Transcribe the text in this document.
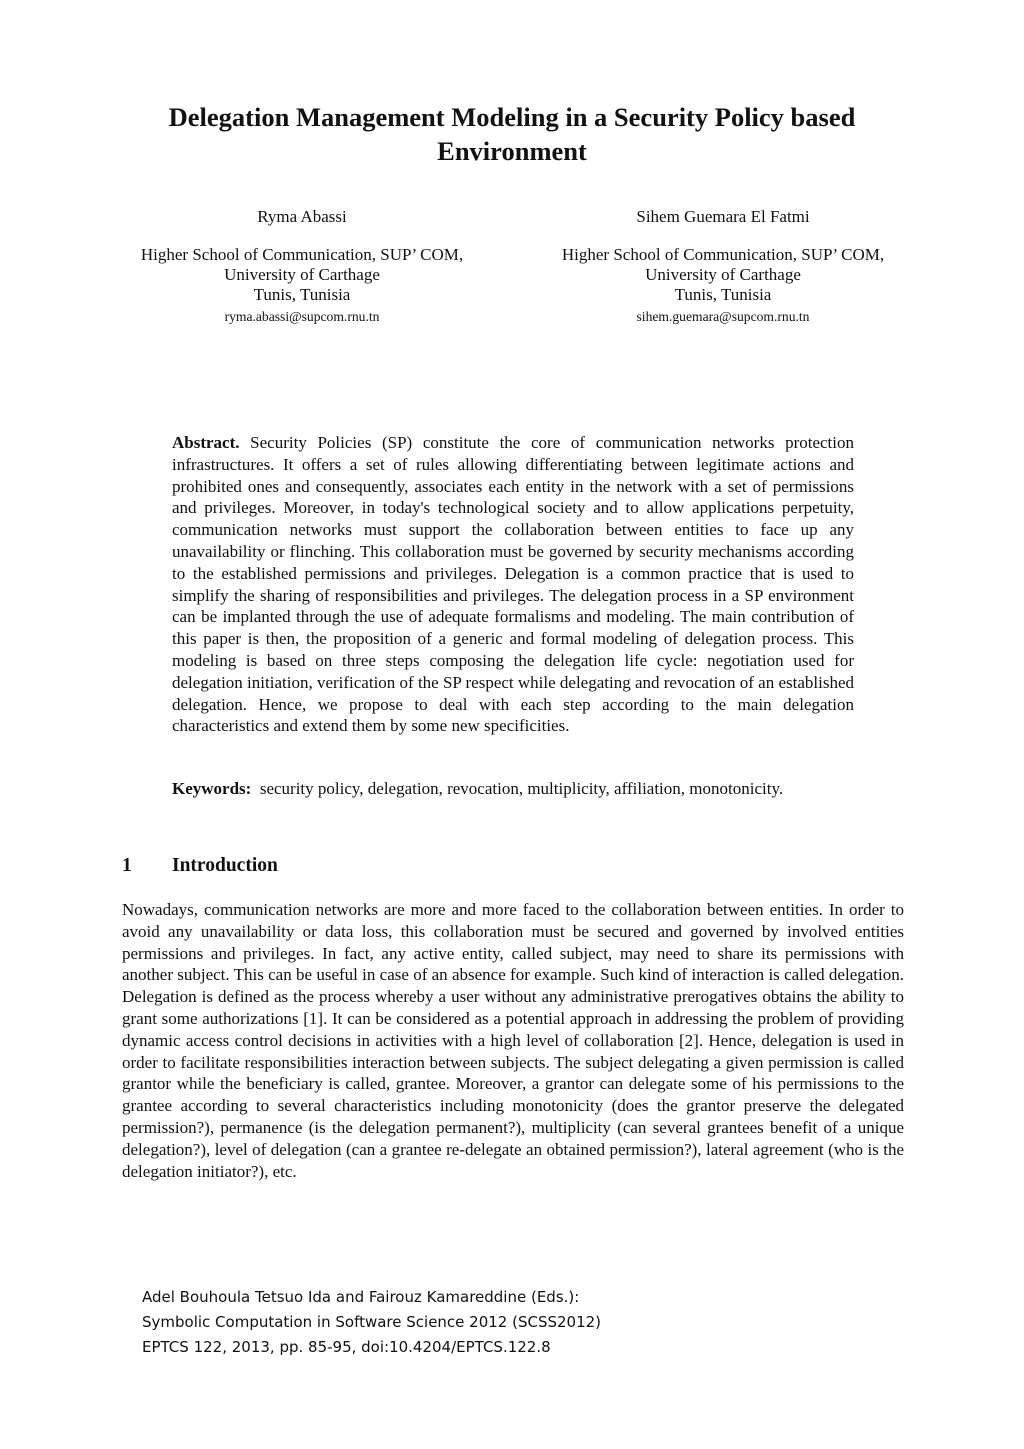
Delegation Management Modeling in a Security Policy based
Environment
Ryma Abassi
Higher School of Communication, SUP’ COM,
University of Carthage
Tunis, Tunisia
ryma.abassi@supcom.rnu.tn
Sihem Guemara El Fatmi
Higher School of Communication, SUP’ COM,
University of Carthage
Tunis, Tunisia
sihem.guemara@supcom.rnu.tn

Abstract. Security Policies (SP) constitute the core of communication networks protection infrastructures. It offers a set of rules allowing differentiating between legitimate actions and prohibited ones and consequently, associates each entity in the network with a set of permissions and privileges. Moreover, in today's technological society and to allow applications perpetuity, communication networks must support the collaboration between entities to face up any unavailability or flinching. This collaboration must be governed by security mechanisms according to the established permissions and privileges. Delegation is a common practice that is used to simplify the sharing of responsibilities and privileges. The delegation process in a SP environment can be implanted through the use of adequate formalisms and modeling. The main contribution of this paper is then, the proposition of a generic and formal modeling of delegation process. This modeling is based on three steps composing the delegation life cycle: negotiation used for delegation initiation, verification of the SP respect while delegating and revocation of an established delegation. Hence, we propose to deal with each step according to the main delegation characteristics and extend them by some new specificities.

Keywords: security policy, delegation, revocation, multiplicity, affiliation, monotonicity.

1 Introduction

Nowadays, communication networks are more and more faced to the collaboration between entities. In order to avoid any unavailability or data loss, this collaboration must be secured and governed by involved entities permissions and privileges. In fact, any active entity, called subject, may need to share its permissions with another subject. This can be useful in case of an absence for example. Such kind of interaction is called delegation. Delegation is defined as the process whereby a user without any administrative prerogatives obtains the ability to grant some authorizations [1]. It can be considered as a potential approach in addressing the problem of providing dynamic access control decisions in activities with a high level of collaboration [2]. Hence, delegation is used in order to facilitate responsibilities interaction between subjects. The subject delegating a given permission is called grantor while the beneficiary is called, grantee. Moreover, a grantor can delegate some of his permissions to the grantee according to several characteristics including monotonicity (does the grantor preserve the delegated permission?), permanence (is the delegation permanent?), multiplicity (can several grantees benefit of a unique delegation?), level of delegation (can a grantee re-delegate an obtained permission?), lateral agreement (who is the delegation initiator?), etc.

Adel Bouhoula Tetsuo Ida and Fairouz Kamareddine (Eds.):
Symbolic Computation in Software Science 2012 (SCSS2012)
EPTCS 122, 2013, pp. 85-95, doi:10.4204/EPTCS.122.8
